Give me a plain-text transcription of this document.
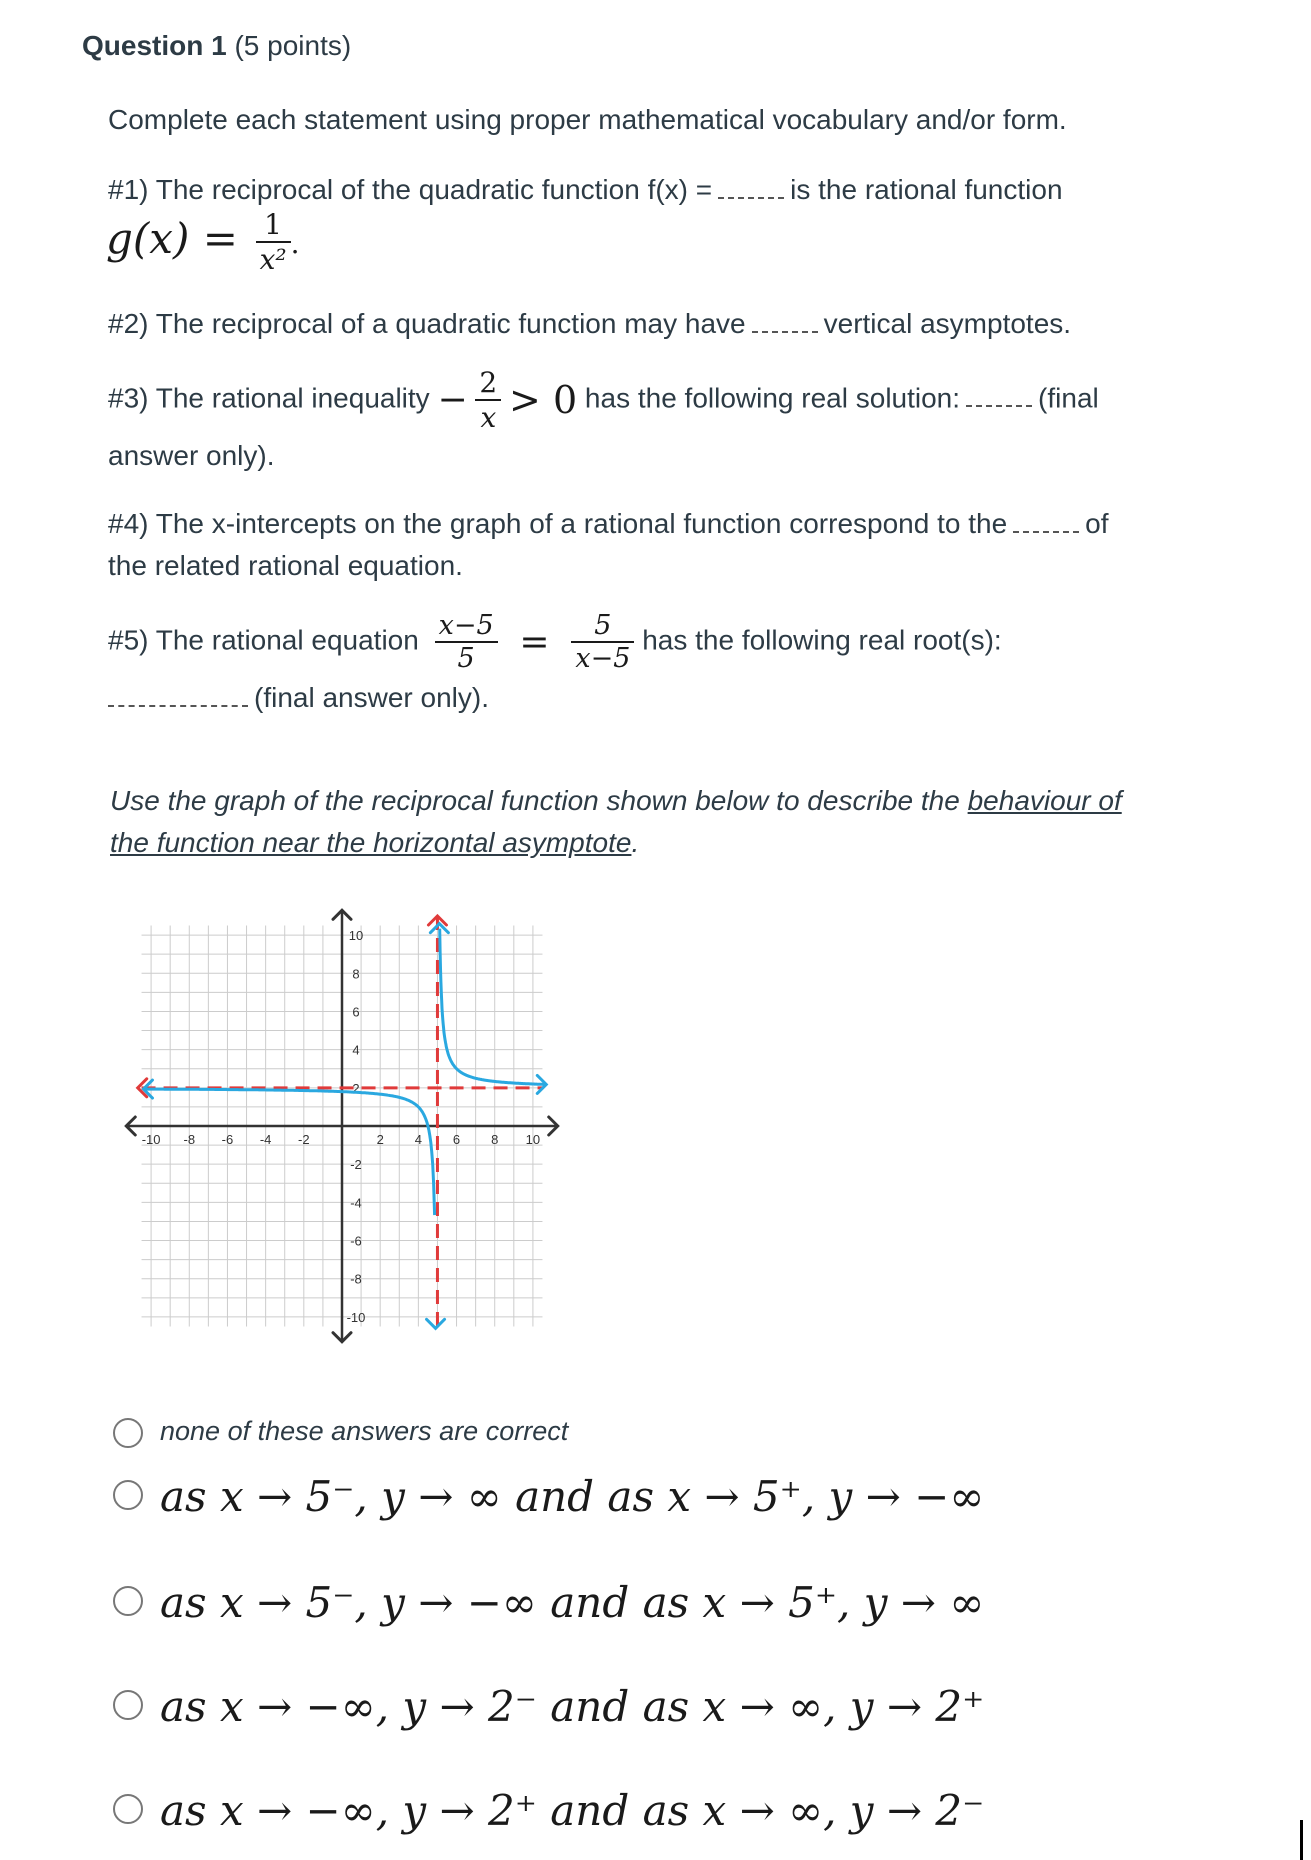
Question 1 (5 points)
Complete each statement using proper mathematical vocabulary and/or form.
#1) The reciprocal of the quadratic function f(x) =	is the rational function
$g(x) = \frac{1}{\text{x²}}$ .
#2) The reciprocal of a quadratic function may have	vertical asymptotes.
#3) The rational inequality − $\frac{2}{x} > 0$ has the following real solution:	(final
answer only).
#4) The x-intercepts on the graph of a rational function correspond to the	of
the related rational equation.
#5) The rational equation $\frac{x-5}{5} = \frac{5}{x-5}$ has the following real root(s):
(final answer only).
Use the graph of the reciprocal function shown below to describe the behaviour of
the function near the horizontal asymptote.
-10 -8 -6 -4 -2	2 4 6 8 10
10
8
6
4
2
-2
-4
-6
-8
-10
none of these answers are correct
as x → 5⁻, y → ∞ and as x → 5⁺, y → −∞
as x → 5⁻, y → −∞ and as x → 5⁺, y → ∞
as x → −∞, y → 2⁻ and as x → ∞, y → 2⁺
as x → −∞, y → 2⁺ and as x → ∞, y → 2⁻
